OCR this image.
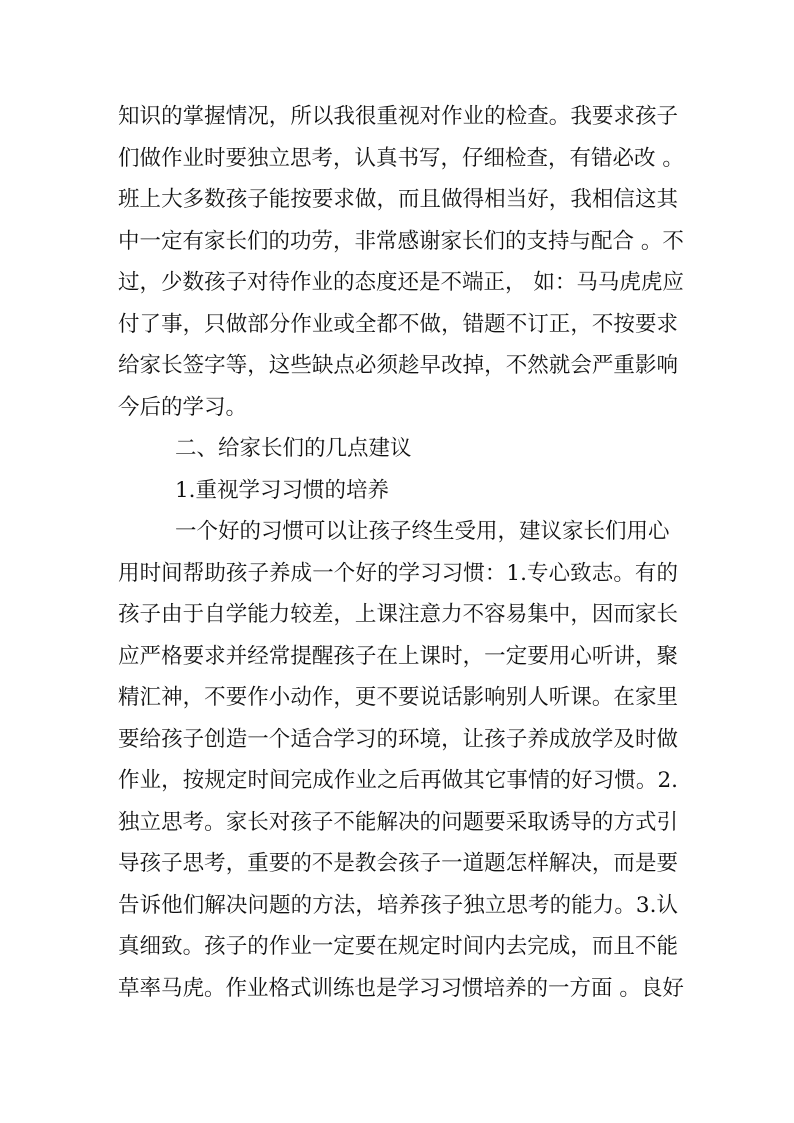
知识的掌握情况，所以我很重视对作业的检查。我要求孩子
们做作业时要独立思考，认真书写，仔细检查，有错必改 。
班上大多数孩子能按要求做，而且做得相当好，我相信这其
中一定有家长们的功劳，非常感谢家长们的支持与配合 。不
过，少数孩子对待作业的态度还是不端正， 如：马马虎虎应
付了事，只做部分作业或全都不做，错题不订正，不按要求
给家长签字等，这些缺点必须趁早改掉，不然就会严重影响
今后的学习。
二、给家长们的几点建议
1.重视学习习惯的培养
一个好的习惯可以让孩子终生受用，建议家长们用心
用时间帮助孩子养成一个好的学习习惯：1.专心致志。有的
孩子由于自学能力较差，上课注意力不容易集中，因而家长
应严格要求并经常提醒孩子在上课时，一定要用心听讲，聚
精汇神，不要作小动作，更不要说话影响别人听课。在家里
要给孩子创造一个适合学习的环境，让孩子养成放学及时做
作业，按规定时间完成作业之后再做其它事情的好习惯。2.
独立思考。家长对孩子不能解决的问题要采取诱导的方式引
导孩子思考，重要的不是教会孩子一道题怎样解决，而是要
告诉他们解决问题的方法，培养孩子独立思考的能力。3.认
真细致。孩子的作业一定要在规定时间内去完成，而且不能
草率马虎。作业格式训练也是学习习惯培养的一方面 。良好
